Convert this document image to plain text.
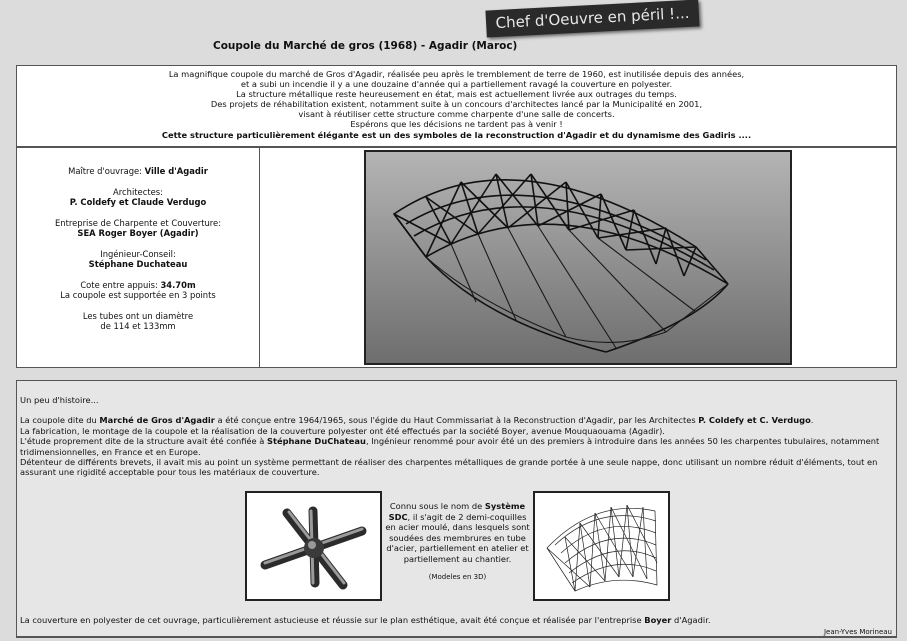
Coupole du Marché de gros (1968) - Agadir (Maroc)
Chef d'Oeuvre en péril !...
La magnifique coupole du marché de Gros d'Agadir, réalisée peu après le tremblement de terre de 1960, est inutilisée depuis des années,
et a subi un incendie il y a une douzaine d'année qui a partiellement ravagé la couverture en polyester.
La structure métallique reste heureusement en état, mais est actuellement livrée aux outrages du temps.
Des projets de réhabilitation existent, notamment suite à un concours d'architectes lancé par la Municipalité en 2001,
visant à réutiliser cette structure comme charpente d'une salle de concerts.
Espérons que les décisions ne tardent pas à venir !
Cette structure particulièrement élégante est un des symboles de la reconstruction d'Agadir et du dynamisme des Gadiris ....
Maître d'ouvrage: Ville d'Agadir
Architectes:
P. Coldefy et Claude Verdugo
Entreprise de Charpente et Couverture:
SEA Roger Boyer (Agadir)
Ingénieur-Conseil:
Stéphane Duchateau
Cote entre appuis: 34.70m
La coupole est supportée en 3 points
Les tubes ont un diamètre
de 114 et 133mm

Un peu d'histoire...

La coupole dite du Marché de Gros d'Agadir a été conçue entre 1964/1965, sous l'égide du Haut Commissariat à la Reconstruction d'Agadir, par les Architectes P. Coldefy et C. Verdugo.

La fabrication, le montage de la coupole et la réalisation de la couverture polyester ont été effectués par la société Boyer, avenue Mouquaouama (Agadir).

L'étude proprement dite de la structure avait été confiée à Stéphane DuChateau, Ingénieur renommé pour avoir été un des premiers à introduire dans les années 50 les charpentes tubulaires, notamment tridimensionnelles, en France et en Europe.

Détenteur de différents brevets, il avait mis au point un système permettant de réaliser des charpentes métalliques de grande portée à une seule nappe, donc utilisant un nombre réduit d'éléments, tout en assurant une rigidité acceptable pour tous les matériaux de couverture.

Connu sous le nom de Système SDC, il s'agit de 2 demi-coquilles en acier moulé, dans lesquels sont soudées des membrures en tube d'acier, partiellement en atelier et partiellement au chantier.
(Modeles en 3D)
La couverture en polyester de cet ouvrage, particulièrement astucieuse et réussie sur le plan esthétique, avait été conçue et réalisée par l'entreprise Boyer d'Agadir.
Jean-Yves Morineau
